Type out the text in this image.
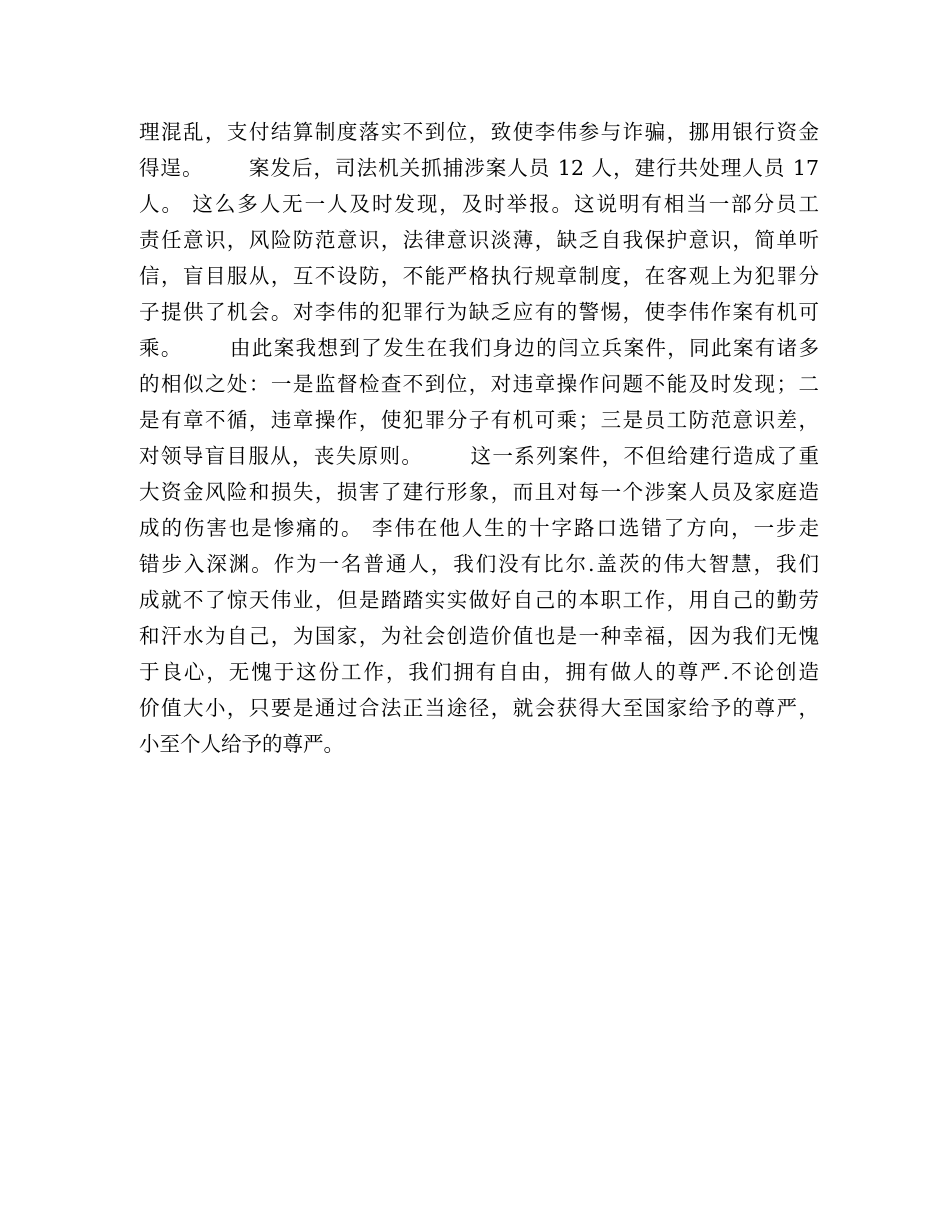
理混乱，支付结算制度落实不到位，致使李伟参与诈骗，挪用银行资金
得逞。      案发后，司法机关抓捕涉案人员 12 人，建行共处理人员 17
人。 这么多人无一人及时发现，及时举报。这说明有相当一部分员工
责任意识，风险防范意识，法律意识淡薄，缺乏自我保护意识，简单听
信，盲目服从，互不设防，不能严格执行规章制度，在客观上为犯罪分
子提供了机会。对李伟的犯罪行为缺乏应有的警惕，使李伟作案有机可
乘。      由此案我想到了发生在我们身边的闫立兵案件，同此案有诸多
的相似之处：一是监督检查不到位，对违章操作问题不能及时发现；二
是有章不循，违章操作，使犯罪分子有机可乘；三是员工防范意识差，
对领导盲目服从，丧失原则。      这一系列案件，不但给建行造成了重
大资金风险和损失，损害了建行形象，而且对每一个涉案人员及家庭造
成的伤害也是惨痛的。 李伟在他人生的十字路口选错了方向，一步走
错步入深渊。作为一名普通人，我们没有比尔.盖茨的伟大智慧，我们
成就不了惊天伟业，但是踏踏实实做好自己的本职工作，用自己的勤劳
和汗水为自己，为国家，为社会创造价值也是一种幸福，因为我们无愧
于良心，无愧于这份工作，我们拥有自由，拥有做人的尊严.不论创造
价值大小，只要是通过合法正当途径，就会获得大至国家给予的尊严，
小至个人给予的尊严。
